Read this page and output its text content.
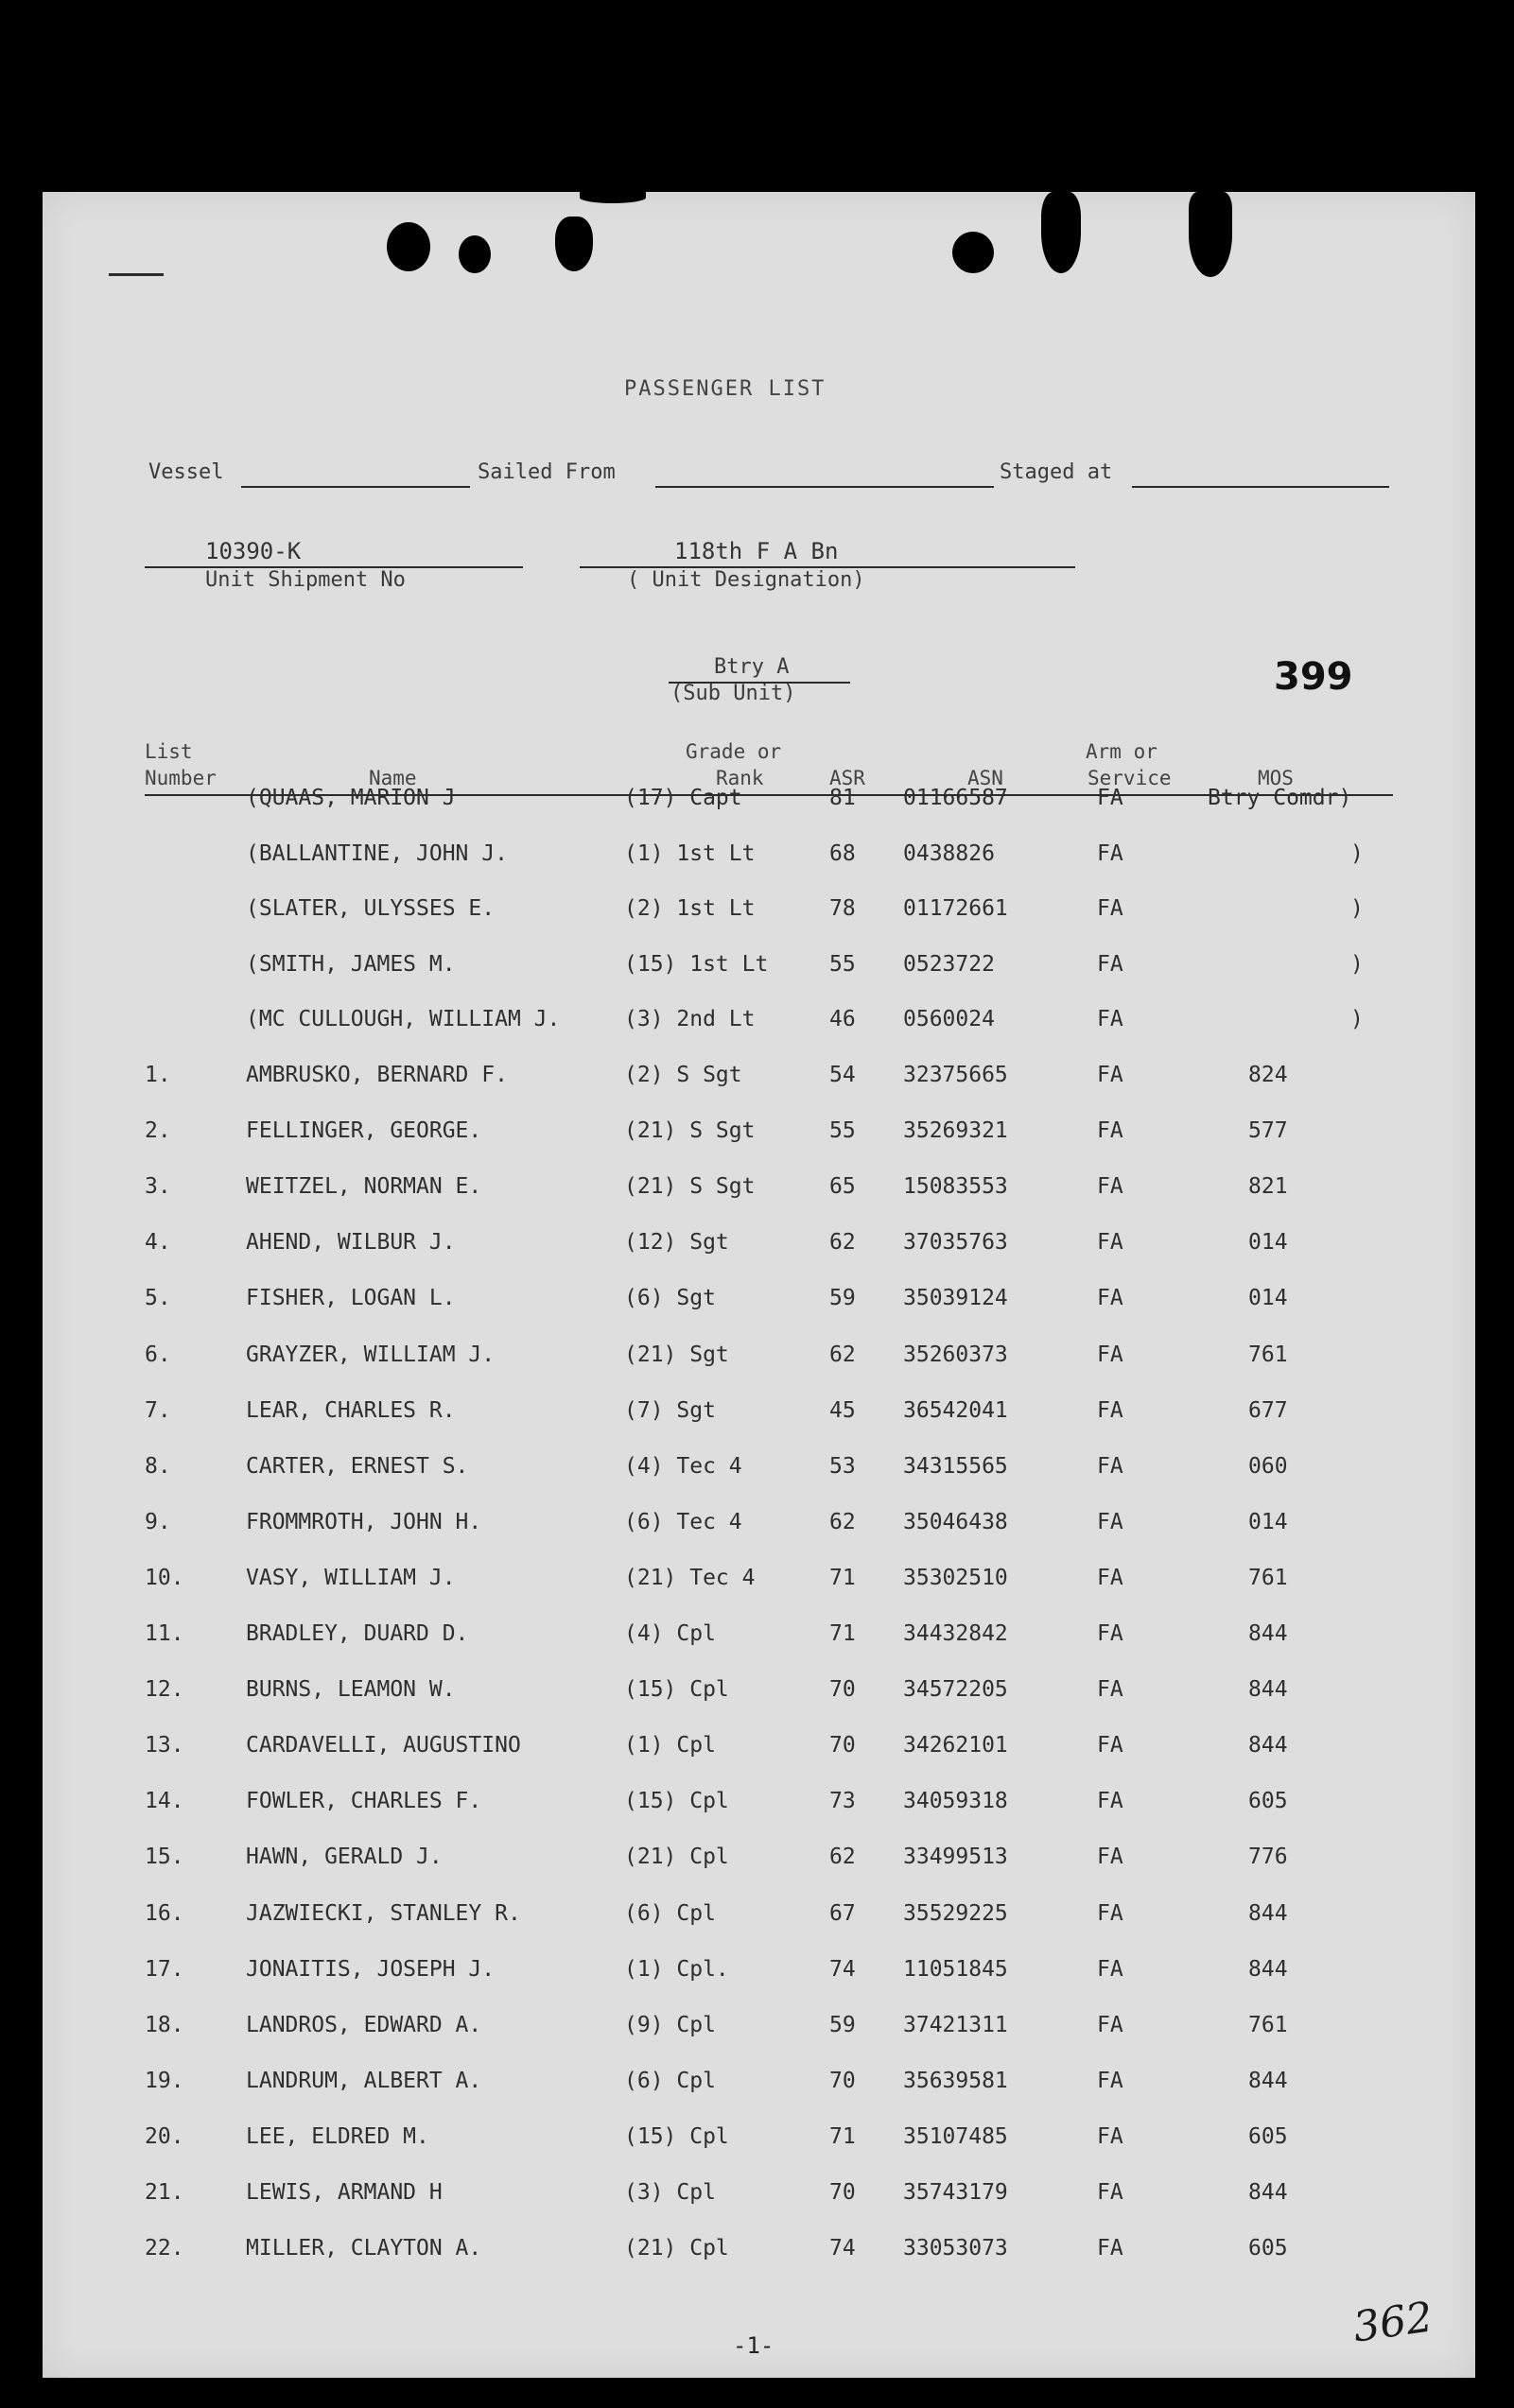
PASSENGER LIST
Vessel	Sailed From	Staged at
10390-K
Unit Shipment No
118th F A Bn
( Unit Designation)
Btry A
(Sub Unit)	399
List
Number	Name
Grade or
Rank	ASR	ASN
Arm or
Service	MOS
(QUAAS, MARION J	(17) Capt	81 01166587	FA	Btry Comdr)
(BALLANTINE, JOHN J.	(1) 1st Lt	68 0438826	FA	)
(SLATER, ULYSSES E.	(2) 1st Lt	78 01172661	FA	)
(SMITH, JAMES M.	(15) 1st Lt	55 0523722	FA	)
(MC CULLOUGH, WILLIAM J.	(3) 2nd Lt	46 0560024	FA	)
1.	AMBRUSKO, BERNARD F.	(2) S Sgt	54 32375665	FA	824
2.	FELLINGER, GEORGE.	(21) S Sgt	55 35269321	FA	577
3.	WEITZEL, NORMAN E.	(21) S Sgt	65 15083553	FA	821
4.	AHEND, WILBUR J.	(12) Sgt	62 37035763	FA	014
5.	FISHER, LOGAN L.	(6) Sgt	59 35039124	FA	014
6.	GRAYZER, WILLIAM J.	(21) Sgt	62 35260373	FA	761
7.	LEAR, CHARLES R.	(7) Sgt	45 36542041	FA	677
8.	CARTER, ERNEST S.	(4) Tec 4	53 34315565	FA	060
9.	FROMMROTH, JOHN H.	(6) Tec 4	62 35046438	FA	014
10.	VASY, WILLIAM J.	(21) Tec 4	71 35302510	FA	761
11.	BRADLEY, DUARD D.	(4) Cpl	71 34432842	FA	844
12.	BURNS, LEAMON W.	(15) Cpl	70 34572205	FA	844
13.	CARDAVELLI, AUGUSTINO	(1) Cpl	70 34262101	FA	844
14.	FOWLER, CHARLES F.	(15) Cpl	73 34059318	FA	605
15.	HAWN, GERALD J.	(21) Cpl	62 33499513	FA	776
16.	JAZWIECKI, STANLEY R.	(6) Cpl	67 35529225	FA	844
17.	JONAITIS, JOSEPH J.	(1) Cpl.	74 11051845	FA	844
18.	LANDROS, EDWARD A.	(9) Cpl	59 37421311	FA	761
19.	LANDRUM, ALBERT A.	(6) Cpl	70 35639581	FA	844
20.	LEE, ELDRED M.	(15) Cpl	71 35107485	FA	605
21.	LEWIS, ARMAND H	(3) Cpl	70 35743179	FA	844
22.	MILLER, CLAYTON A.	(21) Cpl	74 33053073	FA	605
-1-	362
